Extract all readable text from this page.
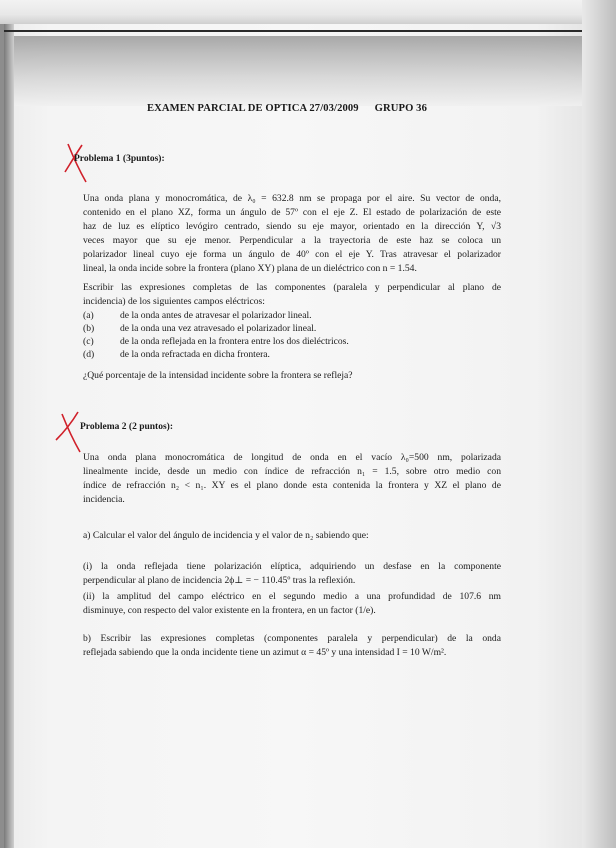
EXAMEN PARCIAL DE OPTICA 27/03/2009 GRUPO 36
Problema 1 (3puntos):
Una onda plana y monocromática, de λ₀ = 632.8 nm se propaga por el aire. Su vector de onda,
contenido en el plano XZ, forma un ángulo de 57º con el eje Z. El estado de polarización de este
haz de luz es elíptico levógiro centrado, siendo su eje mayor, orientado en la dirección Y, √3
veces mayor que su eje menor. Perpendicular a la trayectoria de este haz se coloca un
polarizador lineal cuyo eje forma un ángulo de 40º con el eje Y. Tras atravesar el polarizador
lineal, la onda incide sobre la frontera (plano XY) plana de un dieléctrico con n = 1.54.
Escribir las expresiones completas de las componentes (paralela y perpendicular al plano de
incidencia) de los siguientes campos eléctricos:
(a)	de la onda antes de atravesar el polarizador lineal.
(b)	de la onda una vez atravesado el polarizador lineal.
(c)	de la onda reflejada en la frontera entre los dos dieléctricos.
(d)	de la onda refractada en dicha frontera.
¿Qué porcentaje de la intensidad incidente sobre la frontera se refleja?
Problema 2 (2 puntos):
Una onda plana monocromática de longitud de onda en el vacío λ₀=500 nm, polarizada
linealmente incide, desde un medio con índice de refracción n₁ = 1.5, sobre otro medio con
índice de refracción n₂ < n₁. XY es el plano donde esta contenida la frontera y XZ el plano de
incidencia.
a) Calcular el valor del ángulo de incidencia y el valor de n₂ sabiendo que:
(i) la onda reflejada tiene polarización elíptica, adquiriendo un desfase en la componente
perpendicular al plano de incidencia 2ϕ⊥ = − 110.45º tras la reflexión.
(ii) la amplitud del campo eléctrico en el segundo medio a una profundidad de 107.6 nm
disminuye, con respecto del valor existente en la frontera, en un factor (1/e).
b) Escribir las expresiones completas (componentes paralela y perpendicular) de la onda
reflejada sabiendo que la onda incidente tiene un azimut α = 45º y una intensidad I = 10 W/m².
